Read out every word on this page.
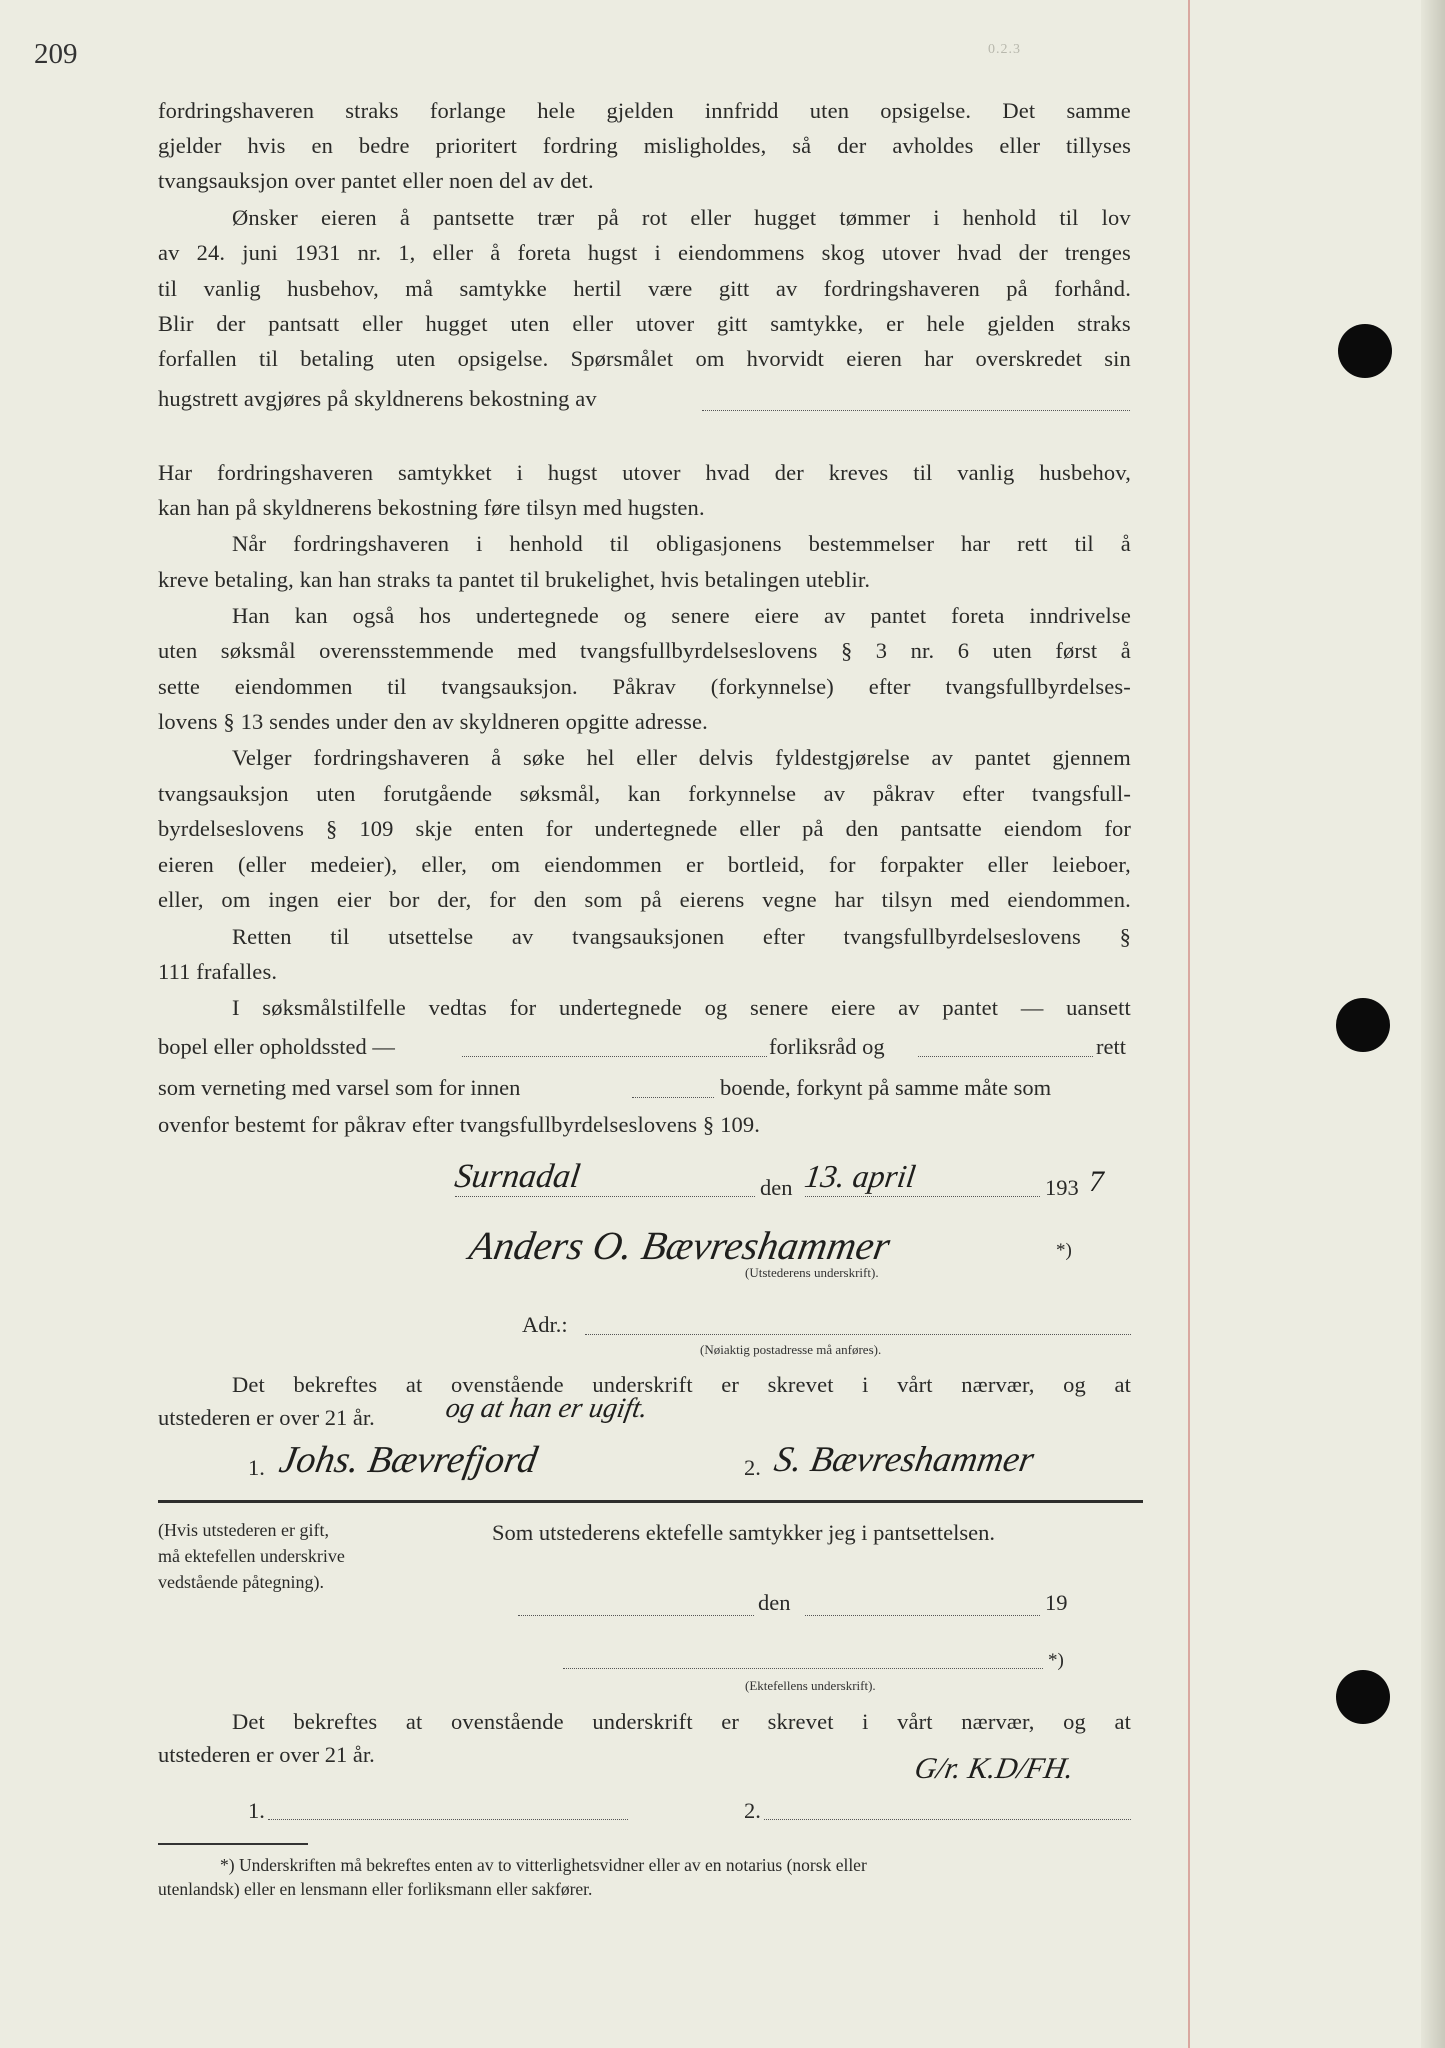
209	0.2.3
fordringshaveren straks forlange hele gjelden innfridd uten opsigelse. Det samme
gjelder hvis en bedre prioritert fordring misligholdes, så der avholdes eller tillyses
tvangsauksjon over pantet eller noen del av det.
Ønsker eieren å pantsette trær på rot eller hugget tømmer i henhold til lov
av 24. juni 1931 nr. 1, eller å foreta hugst i eiendommens skog utover hvad der trenges
til vanlig husbehov, må samtykke hertil være gitt av fordringshaveren på forhånd.
Blir der pantsatt eller hugget uten eller utover gitt samtykke, er hele gjelden straks
forfallen til betaling uten opsigelse. Spørsmålet om hvorvidt eieren har overskredet sin
hugstrett avgjøres på skyldnerens bekostning av
Har fordringshaveren samtykket i hugst utover hvad der kreves til vanlig husbehov,
kan han på skyldnerens bekostning føre tilsyn med hugsten.
Når fordringshaveren i henhold til obligasjonens bestemmelser har rett til å
kreve betaling, kan han straks ta pantet til brukelighet, hvis betalingen uteblir.
Han kan også hos undertegnede og senere eiere av pantet foreta inndrivelse
uten søksmål overensstemmende med tvangsfullbyrdelseslovens § 3 nr. 6 uten først å
sette eiendommen til tvangsauksjon. Påkrav (forkynnelse) efter tvangsfullbyrdelses-
lovens § 13 sendes under den av skyldneren opgitte adresse.
Velger fordringshaveren å søke hel eller delvis fyldestgjørelse av pantet gjennem
tvangsauksjon uten forutgående søksmål, kan forkynnelse av påkrav efter tvangsfull-
byrdelseslovens § 109 skje enten for undertegnede eller på den pantsatte eiendom for
eieren (eller medeier), eller, om eiendommen er bortleid, for forpakter eller leieboer,
eller, om ingen eier bor der, for den som på eierens vegne har tilsyn med eiendommen.
Retten til utsettelse av tvangsauksjonen efter tvangsfullbyrdelseslovens §
111 frafalles.
I søksmålstilfelle vedtas for undertegnede og senere eiere av pantet — uansett
bopel eller opholdssted —	forliksråd og	rett
som verneting med varsel som for innen	boende, forkynt på samme måte som
ovenfor bestemt for påkrav efter tvangsfullbyrdelseslovens § 109.
Surnadal	den 13. april	193 7
Anders O. Bævreshammer	*)
(Utstederens underskrift).
Adr.:
(Nøiaktig postadresse må anføres).
Det bekreftes at ovenstående underskrift er skrevet i vårt nærvær, og at
utstederen er over 21 år. og at han er ugift.
1. Johs. Bævrefjord	2. S. Bævreshammer
(Hvis utstederen er gift,
må ektefellen underskrive
vedstående påtegning).
Som utstederens ektefelle samtykker jeg i pantsettelsen.
den	19
*)
(Ektefellens underskrift).
Det bekreftes at ovenstående underskrift er skrevet i vårt nærvær, og at
utstederen er over 21 år.	G/r. K.D/FH.
1.	2.
*) Underskriften må bekreftes enten av to vitterlighetsvidner eller av en notarius (norsk eller
utenlandsk) eller en lensmann eller forliksmann eller sakfører.
